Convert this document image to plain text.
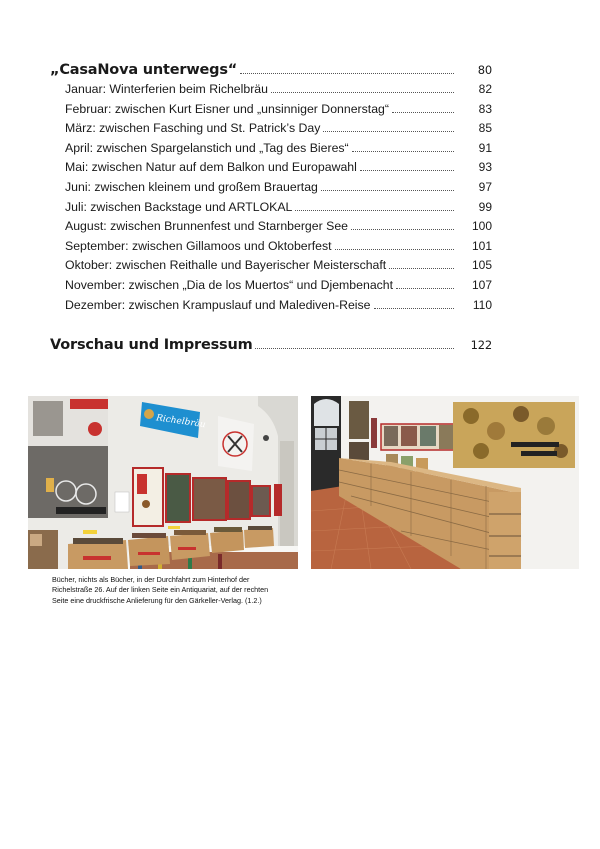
„CasaNova unterwegs“	80
Januar: Winterferien beim Richelbräu	82
Februar: zwischen Kurt Eisner und „unsinniger Donnerstag“	83
März: zwischen Fasching und St. Patrick’s Day	85
April: zwischen Spargelanstich und „Tag des Bieres“	91
Mai: zwischen Natur auf dem Balkon und Europawahl	93
Juni: zwischen kleinem und großem Brauertag	97
Juli: zwischen Backstage und ARTLOKAL	99
August: zwischen Brunnenfest und Starnberger See	100
September: zwischen Gillamoos und Oktoberfest	101
Oktober: zwischen Reithalle und Bayerischer Meisterschaft	105
November: zwischen „Dia de los Muertos“ und Djembenacht	107
Dezember: zwischen Krampuslauf und Malediven-Reise	110
Vorschau und Impressum	122
Richelbräu
Bücher, nichts als Bücher, in der Durchfahrt zum Hinterhof der
Richelstraße 26. Auf der linken Seite ein Antiquariat, auf der rechten
Seite eine druckfrische Anlieferung für den Gärkeller-Verlag. (1.2.)
